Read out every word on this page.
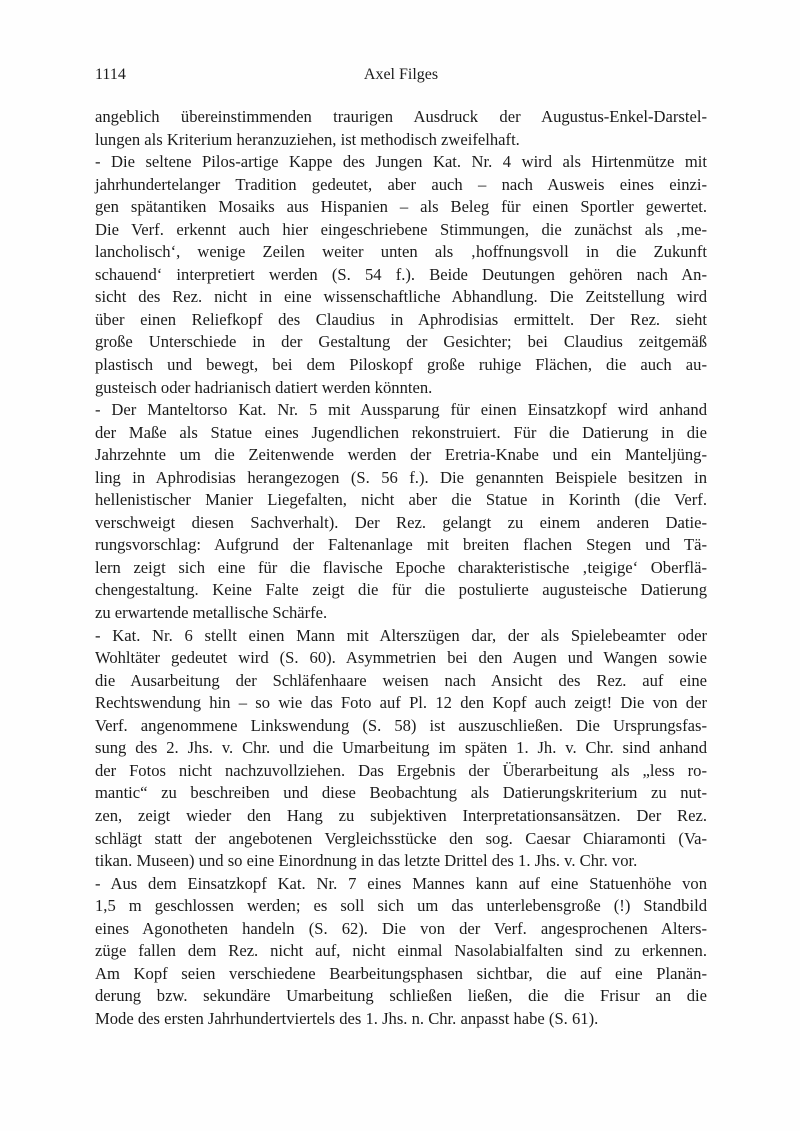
1114	Axel Filges
angeblich übereinstimmenden traurigen Ausdruck der Augustus-Enkel-Darstel-
lungen als Kriterium heranzuziehen, ist methodisch zweifelhaft.
- Die seltene Pilos-artige Kappe des Jungen Kat. Nr. 4 wird als Hirtenmütze mit
jahrhundertelanger Tradition gedeutet, aber auch – nach Ausweis eines einzi-
gen spätantiken Mosaiks aus Hispanien – als Beleg für einen Sportler gewertet.
Die Verf. erkennt auch hier eingeschriebene Stimmungen, die zunächst als ‚me-
lancholisch‘, wenige Zeilen weiter unten als ‚hoffnungsvoll in die Zukunft
schauend‘ interpretiert werden (S. 54 f.). Beide Deutungen gehören nach An-
sicht des Rez. nicht in eine wissenschaftliche Abhandlung. Die Zeitstellung wird
über einen Reliefkopf des Claudius in Aphrodisias ermittelt. Der Rez. sieht
große Unterschiede in der Gestaltung der Gesichter; bei Claudius zeitgemäß
plastisch und bewegt, bei dem Piloskopf große ruhige Flächen, die auch au-
gusteisch oder hadrianisch datiert werden könnten.
- Der Manteltorso Kat. Nr. 5 mit Aussparung für einen Einsatzkopf wird anhand
der Maße als Statue eines Jugendlichen rekonstruiert. Für die Datierung in die
Jahrzehnte um die Zeitenwende werden der Eretria-Knabe und ein Manteljüng-
ling in Aphrodisias herangezogen (S. 56 f.). Die genannten Beispiele besitzen in
hellenistischer Manier Liegefalten, nicht aber die Statue in Korinth (die Verf.
verschweigt diesen Sachverhalt). Der Rez. gelangt zu einem anderen Datie-
rungsvorschlag: Aufgrund der Faltenanlage mit breiten flachen Stegen und Tä-
lern zeigt sich eine für die flavische Epoche charakteristische ‚teigige‘ Oberflä-
chengestaltung. Keine Falte zeigt die für die postulierte augusteische Datierung
zu erwartende metallische Schärfe.
- Kat. Nr. 6 stellt einen Mann mit Alterszügen dar, der als Spielebeamter oder
Wohltäter gedeutet wird (S. 60). Asymmetrien bei den Augen und Wangen sowie
die Ausarbeitung der Schläfenhaare weisen nach Ansicht des Rez. auf eine
Rechtswendung hin – so wie das Foto auf Pl. 12 den Kopf auch zeigt! Die von der
Verf. angenommene Linkswendung (S. 58) ist auszuschließen. Die Ursprungsfas-
sung des 2. Jhs. v. Chr. und die Umarbeitung im späten 1. Jh. v. Chr. sind anhand
der Fotos nicht nachzuvollziehen. Das Ergebnis der Überarbeitung als „less ro-
mantic“ zu beschreiben und diese Beobachtung als Datierungskriterium zu nut-
zen, zeigt wieder den Hang zu subjektiven Interpretationsansätzen. Der Rez.
schlägt statt der angebotenen Vergleichsstücke den sog. Caesar Chiaramonti (Va-
tikan. Museen) und so eine Einordnung in das letzte Drittel des 1. Jhs. v. Chr. vor.
- Aus dem Einsatzkopf Kat. Nr. 7 eines Mannes kann auf eine Statuenhöhe von
1,5 m geschlossen werden; es soll sich um das unterlebensgroße (!) Standbild
eines Agonotheten handeln (S. 62). Die von der Verf. angesprochenen Alters-
züge fallen dem Rez. nicht auf, nicht einmal Nasolabialfalten sind zu erkennen.
Am Kopf seien verschiedene Bearbeitungsphasen sichtbar, die auf eine Planän-
derung bzw. sekundäre Umarbeitung schließen ließen, die die Frisur an die
Mode des ersten Jahrhundertviertels des 1. Jhs. n. Chr. anpasst habe (S. 61).
